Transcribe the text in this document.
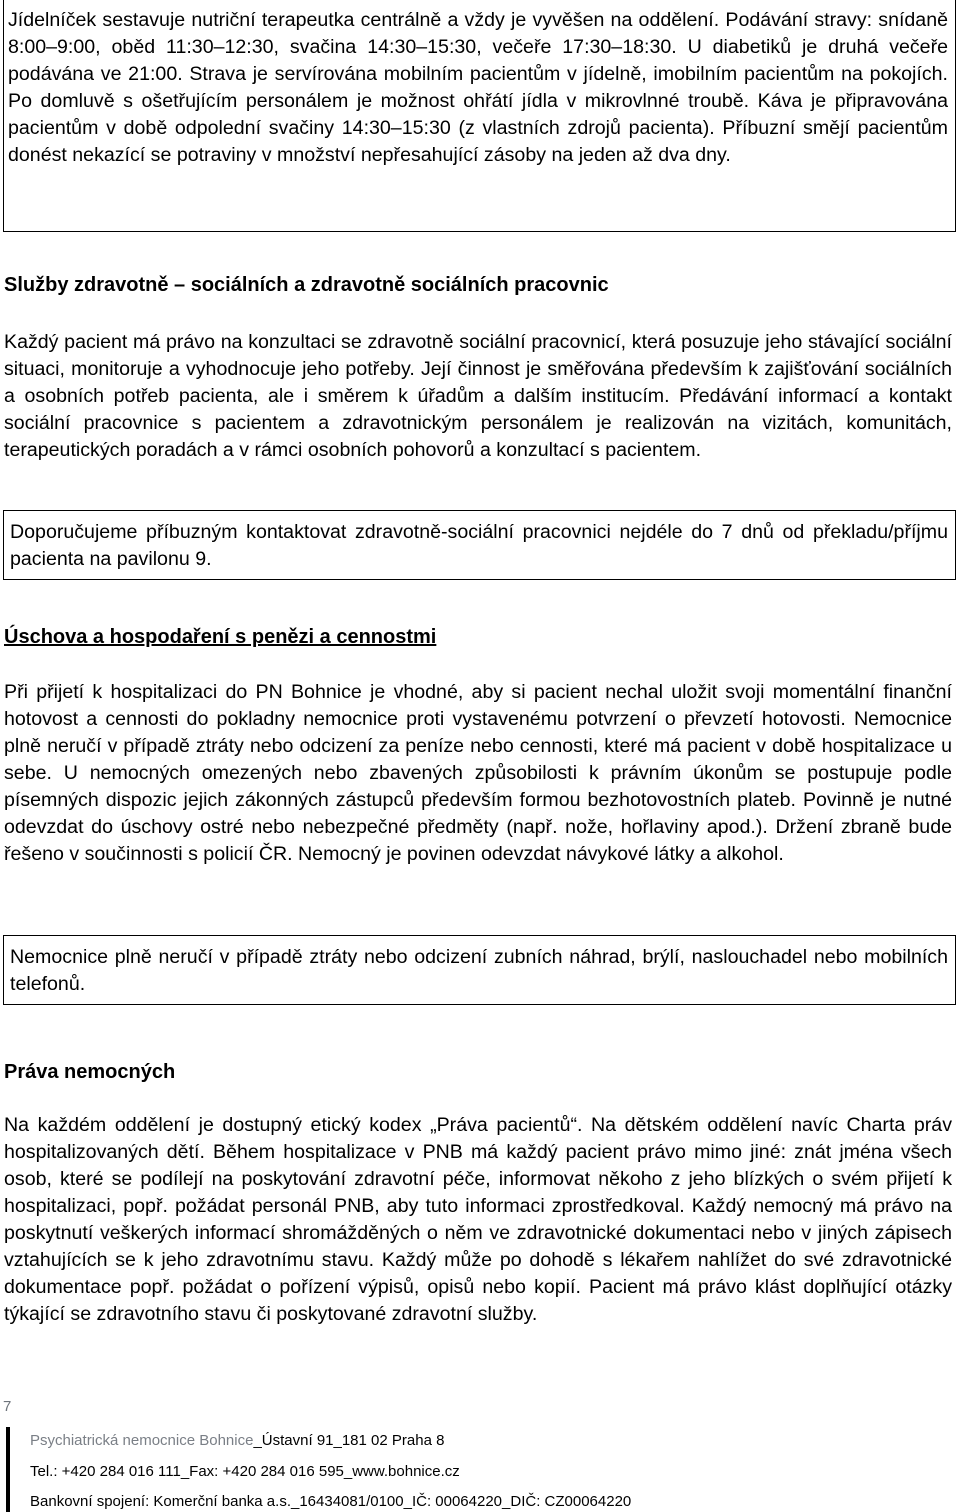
Jídelníček sestavuje nutriční terapeutka centrálně a vždy je vyvěšen na oddělení. Podávání stravy: snídaně 8:00–9:00, oběd 11:30–12:30, svačina 14:30–15:30, večeře 17:30–18:30. U diabetiků je druhá večeře podávána ve 21:00. Strava je servírována mobilním pacientům v jídelně, imobilním pacientům na pokojích. Po domluvě s ošetřujícím personálem je možnost ohřátí jídla v mikrovlnné troubě. Káva je připravována pacientům v době odpolední svačiny 14:30–15:30 (z vlastních zdrojů pacienta). Příbuzní smějí pacientům donést nekazící se potraviny v množství nepřesahující zásoby na jeden až dva dny.
Služby zdravotně – sociálních a zdravotně sociálních pracovnic
Každý pacient má právo na konzultaci se zdravotně sociální pracovnicí, která posuzuje jeho stávající sociální situaci, monitoruje a vyhodnocuje jeho potřeby. Její činnost je směřována především k zajišťování sociálních a osobních potřeb pacienta, ale i směrem k úřadům a dalším institucím. Předávání informací a kontakt sociální pracovnice s pacientem a zdravotnickým personálem je realizován na vizitách, komunitách, terapeutických poradách a v rámci osobních pohovorů a konzultací s pacientem.
Doporučujeme příbuzným kontaktovat zdravotně-sociální pracovnici nejdéle do 7 dnů od překladu/příjmu pacienta na pavilonu 9.
Úschova a hospodaření s penězi a cennostmi
Při přijetí k hospitalizaci do PN Bohnice je vhodné, aby si pacient nechal uložit svoji momentální finanční hotovost a cennosti do pokladny nemocnice proti vystavenému potvrzení o převzetí hotovosti. Nemocnice plně neručí v případě ztráty nebo odcizení za peníze nebo cennosti, které má pacient v době hospitalizace u sebe. U nemocných omezených nebo zbavených způsobilosti k právním úkonům se postupuje podle písemných dispozic jejich zákonných zástupců především formou bezhotovostních plateb. Povinně je nutné odevzdat do úschovy ostré nebo nebezpečné předměty (např. nože, hořlaviny apod.). Držení zbraně bude řešeno v součinnosti s policií ČR. Nemocný je povinen odevzdat návykové látky a alkohol.
Nemocnice plně neručí v případě ztráty nebo odcizení zubních náhrad, brýlí, naslouchadel nebo mobilních telefonů.
Práva nemocných
Na každém oddělení je dostupný etický kodex „Práva pacientů“. Na dětském oddělení navíc Charta práv hospitalizovaných dětí. Během hospitalizace v PNB má každý pacient právo mimo jiné: znát jména všech osob, které se podílejí na poskytování zdravotní péče, informovat někoho z jeho blízkých o svém přijetí k hospitalizaci, popř. požádat personál PNB, aby tuto informaci zprostředkoval. Každý nemocný má právo na poskytnutí veškerých informací shromážděných o něm ve zdravotnické dokumentaci nebo v jiných zápisech vztahujících se k jeho zdravotnímu stavu. Každý může po dohodě s lékařem nahlížet do své zdravotnické dokumentace popř. požádat o pořízení výpisů, opisů nebo kopií. Pacient má právo klást doplňující otázky týkající se zdravotního stavu či poskytované zdravotní služby.
7
Psychiatrická nemocnice Bohnice_Ústavní 91_181 02 Praha 8
Tel.: +420 284 016 111_Fax: +420 284 016 595_www.bohnice.cz
Bankovní spojení: Komerční banka a.s._16434081/0100_IČ: 00064220_DIČ: CZ00064220
